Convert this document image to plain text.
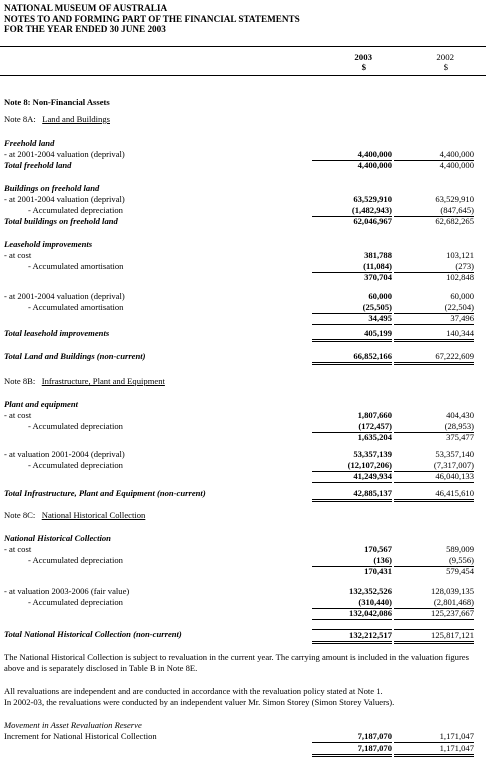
NATIONAL MUSEUM OF AUSTRALIA
NOTES TO AND FORMING PART OF THE FINANCIAL STATEMENTS
FOR THE YEAR ENDED 30 JUNE 2003
2003
$
2002
$
Note 8: Non-Financial Assets
Note 8A: Land and Buildings
Freehold land
- at 2001-2004 valuation (deprival)	4,400,000	4,400,000
Total freehold land	4,400,000	4,400,000
Buildings on freehold land
- at 2001-2004 valuation (deprival)	63,529,910	63,529,910
- Accumulated depreciation	(1,482,943)	(847,645)
Total buildings on freehold land	62,046,967	62,682,265
Leasehold improvements
- at cost	381,788	103,121
- Accumulated amortisation	(11,084)	(273)
370,704	102,848
- at 2001-2004 valuation (deprival)	60,000	60,000
- Accumulated amortisation	(25,505)	(22,504)
34,495	37,496
Total leasehold improvements	405,199	140,344
Total Land and Buildings (non-current)	66,852,166	67,222,609
Note 8B: Infrastructure, Plant and Equipment
Plant and equipment
- at cost	1,807,660	404,430
- Accumulated depreciation	(172,457)	(28,953)
1,635,204	375,477
- at valuation 2001-2004 (deprival)	53,357,139	53,357,140
- Accumulated depreciation	(12,107,206)	(7,317,007)
41,249,934	46,040,133
Total Infrastructure, Plant and Equipment (non-current)	42,885,137	46,415,610
Note 8C: National Historical Collection
National Historical Collection
- at cost	170,567	589,009
- Accumulated depreciation	(136)	(9,556)
170,431	579,454
- at valuation 2003-2006 (fair value)	132,352,526	128,039,135
- Accumulated depreciation	(310,440)	(2,801,468)
132,042,086	125,237,667
Total National Historical Collection (non-current)	132,212,517	125,817,121
The National Historical Collection is subject to revaluation in the current year. The carrying amount is included in the valuation figures above and is separately disclosed in Table B in Note 8E.
All revaluations are independent and are conducted in accordance with the revaluation policy stated at Note 1.
In 2002-03, the revaluations were conducted by an independent valuer Mr. Simon Storey (Simon Storey Valuers).
Movement in Asset Revaluation Reserve
Increment for National Historical Collection	7,187,070	1,171,047
7,187,070	1,171,047
